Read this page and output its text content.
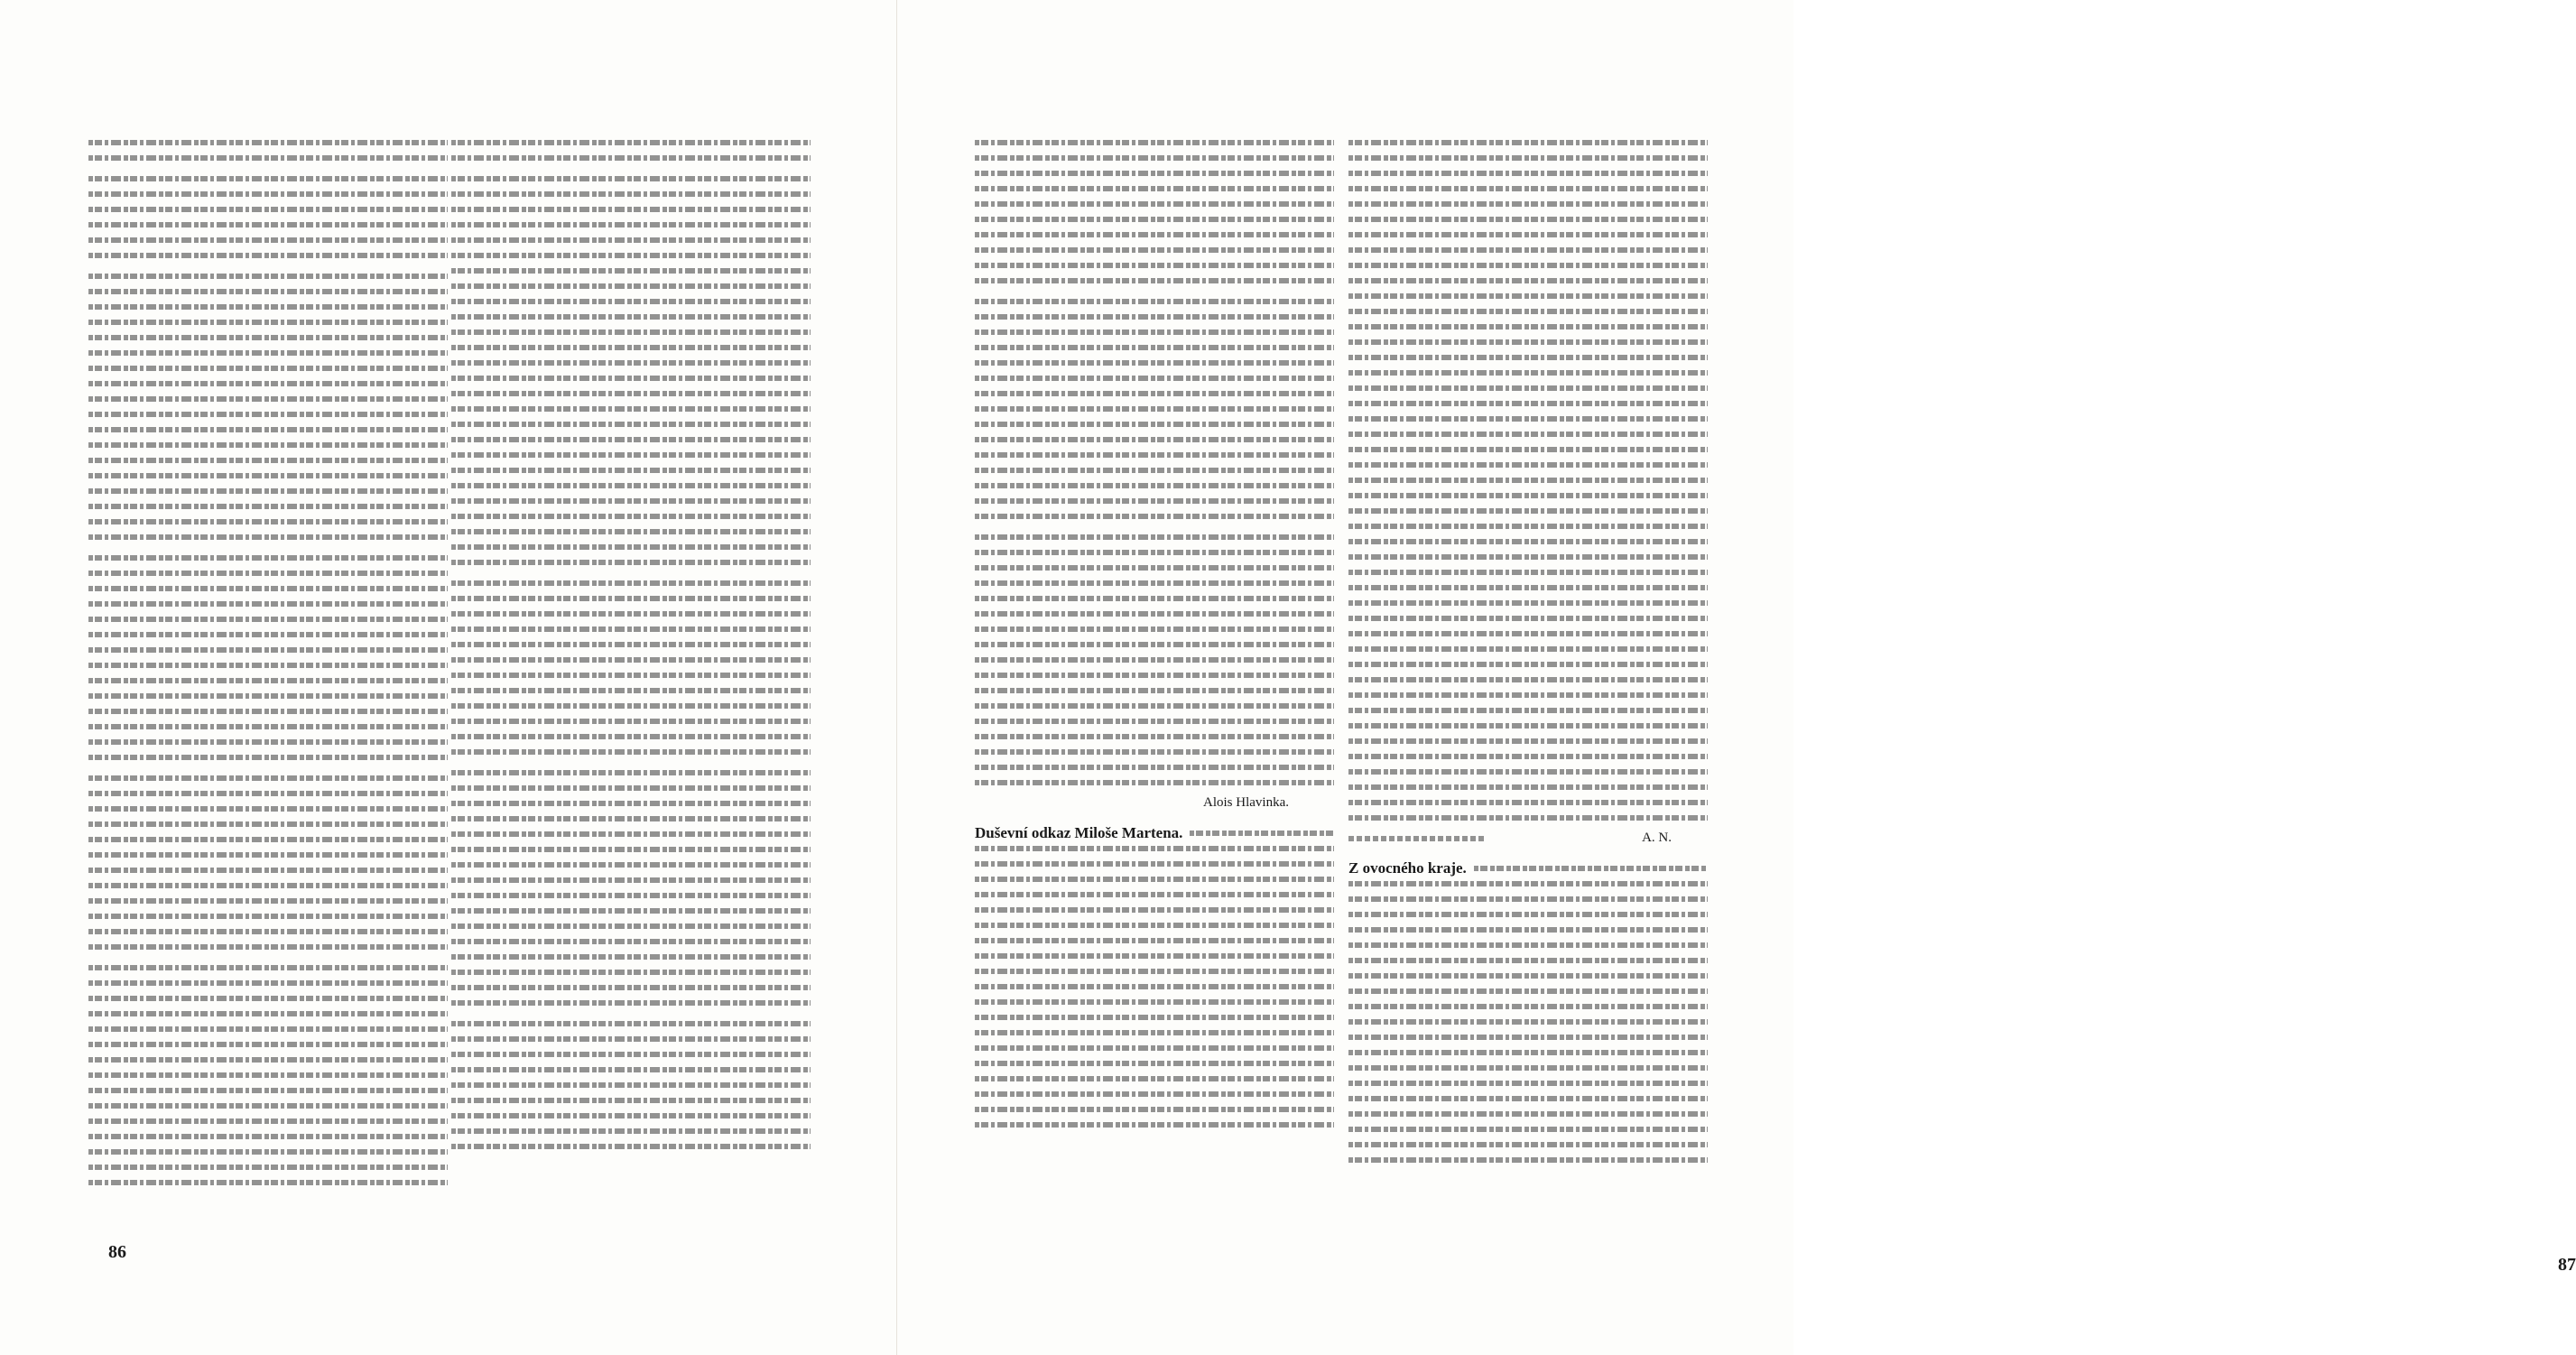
86
Alois Hlavinka.
Duševní odkaz Miloše Martena.	A. N.
Z ovocného kraje.
87
